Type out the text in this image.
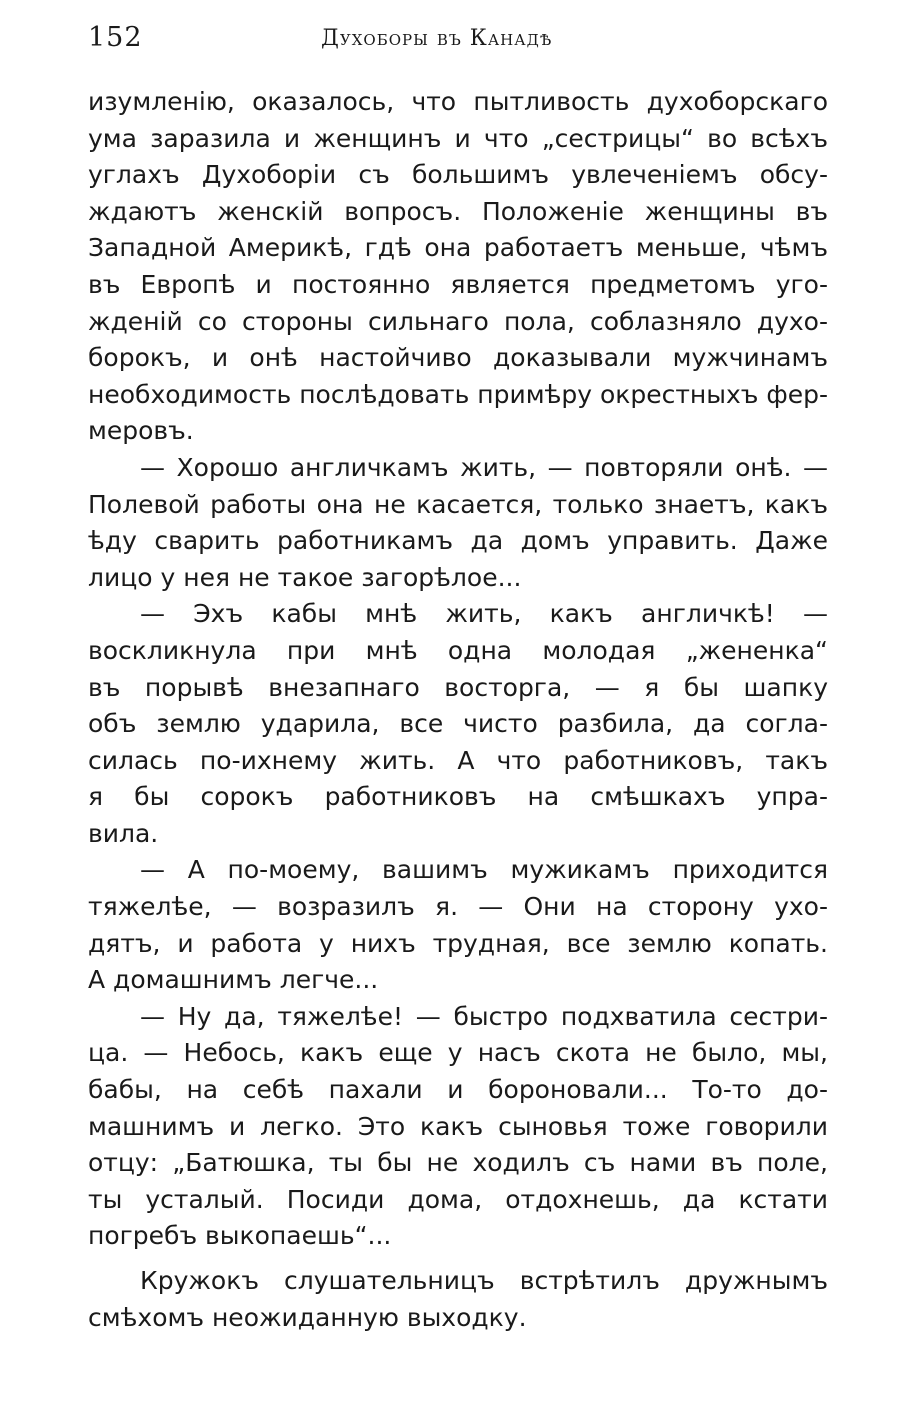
152	Духоборы въ Канадѣ
изумленію, оказалось, что пытливость духоборскаго
ума заразила и женщинъ и что „сестрицы“ во всѣхъ
углахъ Духоборіи съ большимъ увлеченіемъ обсу-
ждаютъ женскій вопросъ. Положеніе женщины въ
Западной Америкѣ, гдѣ она работаетъ меньше, чѣмъ
въ Европѣ и постоянно является предметомъ уго-
жденій со стороны сильнаго пола, соблазняло духо-
борокъ, и онѣ настойчиво доказывали мужчинамъ
необходимость послѣдовать примѣру окрестныхъ фер-
меровъ.
— Хорошо англичкамъ жить, — повторяли онѣ. —
Полевой работы она не касается, только знаетъ, какъ
ѣду сварить работникамъ да домъ управить. Даже
лицо у нея не такое загорѣлое...
— Эхъ кабы мнѣ жить, какъ англичкѣ! —
воскликнула при мнѣ одна молодая „женeнка“
въ порывѣ внезапнаго восторга, — я бы шапку
объ землю ударила, все чисто разбила, да согла-
силась по-ихнему жить. А что работниковъ, такъ
я бы сорокъ работниковъ на смѣшкахъ упра-
вила.
— А по-моему, вашимъ мужикамъ приходится
тяжелѣе, — возразилъ я. — Они на сторону ухо-
дятъ, и работа у нихъ трудная, все землю копать.
А домашнимъ легче...
— Ну да, тяжелѣе! — быстро подхватила сестри-
ца. — Небось, какъ еще у насъ скота не было, мы,
бабы, на себѣ пахали и бороновали... То-то до-
машнимъ и легко. Это какъ сыновья тоже говорили
отцу: „Батюшка, ты бы не ходилъ съ нами въ поле,
ты усталый. Посиди дома, отдохнешь, да кстати
погребъ выкопаешь“...
Кружокъ слушательницъ встрѣтилъ дружнымъ
смѣхомъ неожиданную выходку.
